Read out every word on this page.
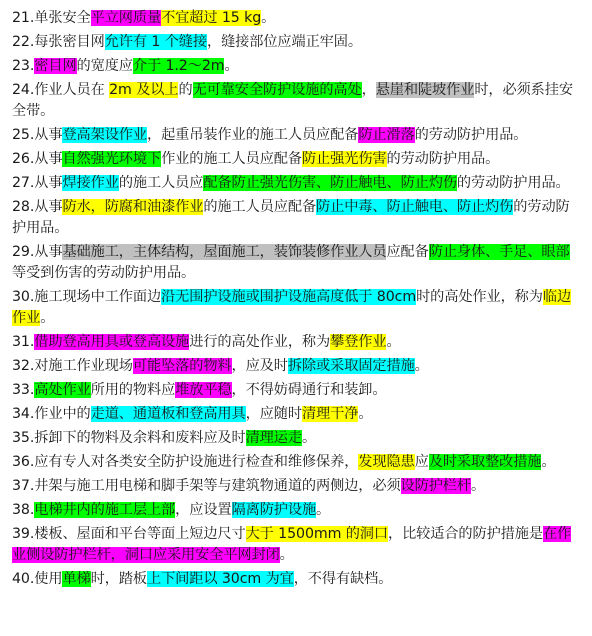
21.单张安全平立网质量不宜超过 15 kg。
22.每张密目网允许有 1 个缝接，缝接部位应端正牢固。
23.密目网的宽度应介于 1.2～2m。
24.作业人员在 2m 及以上的无可靠安全防护设施的高处，悬崖和陡坡作业时，必须系挂安全带。
25.从事登高架设作业，起重吊装作业的施工人员应配备防止滑落的劳动防护用品。
26.从事自然强光环境下作业的施工人员应配备防止强光伤害的劳动防护用品。
27.从事焊接作业的施工人员应配备防止强光伤害、防止触电、防止灼伤的劳动防护用品。
28.从事防水，防腐和油漆作业的施工人员应配备防止中毒、防止触电、防止灼伤的劳动防护用品。
29.从事基础施工，主体结构，屋面施工，装饰装修作业人员应配备防止身体、手足、眼部等受到伤害的劳动防护用品。
30.施工现场中工作面边沿无围护设施或围护设施高度低于 80cm时的高处作业，称为临边作业。
31.借助登高用具或登高设施进行的高处作业，称为攀登作业。
32.对施工作业现场可能坠落的物料，应及时拆除或采取固定措施。
33.高处作业所用的物料应堆放平稳，不得妨碍通行和装卸。
34.作业中的走道、通道板和登高用具，应随时清理干净。
35.拆卸下的物料及余料和废料应及时清理运走。
36.应有专人对各类安全防护设施进行检查和维修保养，发现隐患应及时采取整改措施。
37.井架与施工用电梯和脚手架等与建筑物通道的两侧边，必须设防护栏杆。
38.电梯井内的施工层上部，应设置隔离防护设施。
39.楼板、屋面和平台等面上短边尺寸大于 1500mm 的洞口，比较适合的防护措施是在作业侧设防护栏杆，洞口应采用安全平网封闭。
40.使用单梯时，踏板上下间距以 30cm 为宜，不得有缺档。
